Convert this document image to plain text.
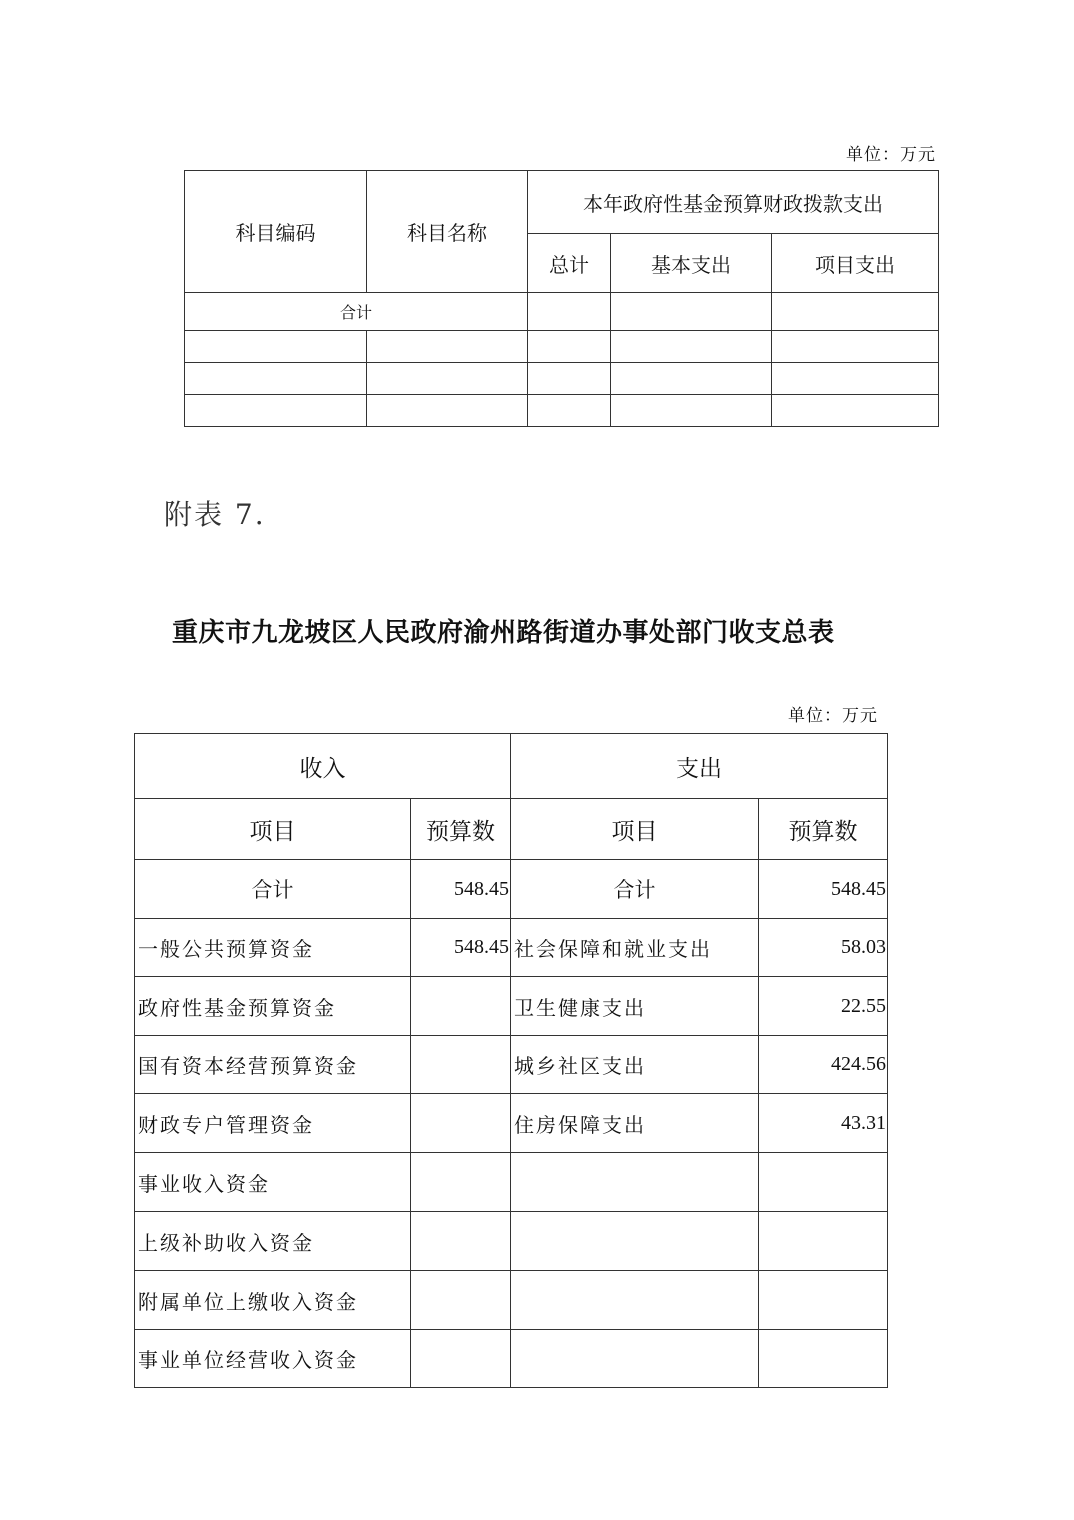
单位：万元
科目编码	科目名称	本年政府性基金预算财政拨款支出		
		总计	基本支出	项目支出
合计				

附表 7.
重庆市九龙坡区人民政府渝州路街道办事处部门收支总表
单位：万元
收入		支出	
项目	预算数	项目	预算数
合计	548.45	合计	548.45
一般公共预算资金	548.45	社会保障和就业支出	58.03
政府性基金预算资金		卫生健康支出	22.55
国有资本经营预算资金		城乡社区支出	424.56
财政专户管理资金		住房保障支出	43.31
事业收入资金			
上级补助收入资金			
附属单位上缴收入资金			
事业单位经营收入资金			
